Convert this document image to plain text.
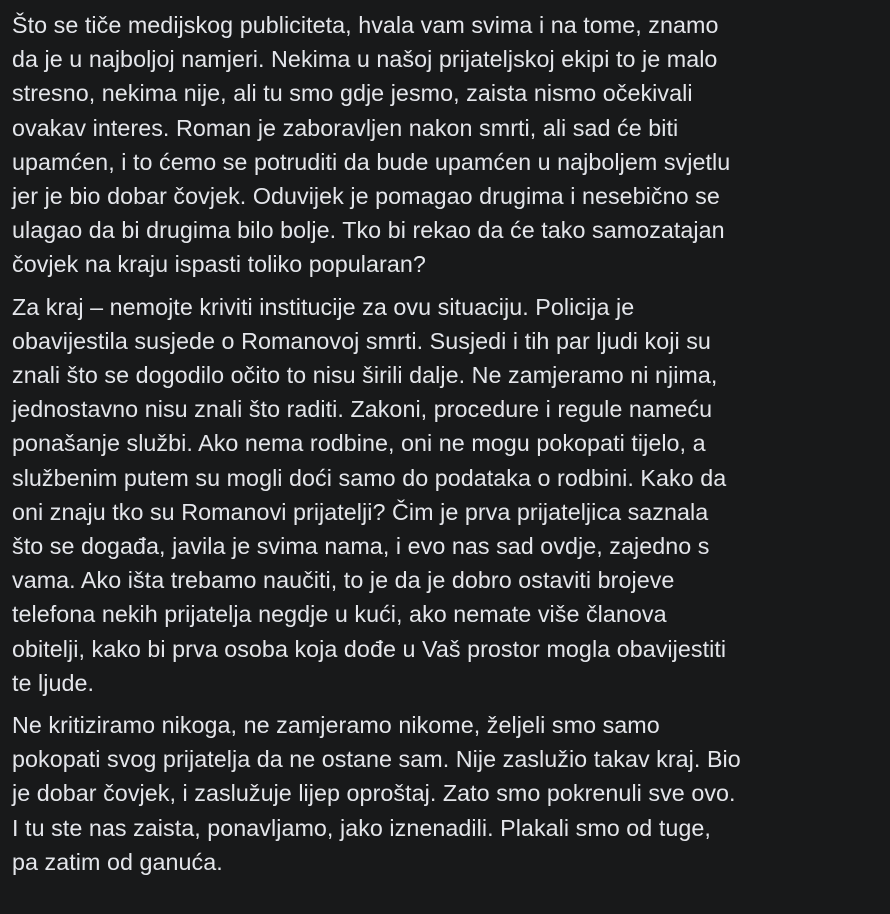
Što se tiče medijskog publiciteta, hvala vam svima i na tome, znamo
da je u najboljoj namjeri. Nekima u našoj prijateljskoj ekipi to je malo
stresno, nekima nije, ali tu smo gdje jesmo, zaista nismo očekivali
ovakav interes. Roman je zaboravljen nakon smrti, ali sad će biti
upamćen, i to ćemo se potruditi da bude upamćen u najboljem svjetlu
jer je bio dobar čovjek. Oduvijek je pomagao drugima i nesebično se
ulagao da bi drugima bilo bolje. Tko bi rekao da će tako samozatajan
čovjek na kraju ispasti toliko popularan?

Za kraj – nemojte kriviti institucije za ovu situaciju. Policija je
obavijestila susjede o Romanovoj smrti. Susjedi i tih par ljudi koji su
znali što se dogodilo očito to nisu širili dalje. Ne zamjeramo ni njima,
jednostavno nisu znali što raditi. Zakoni, procedure i regule nameću
ponašanje službi. Ako nema rodbine, oni ne mogu pokopati tijelo, a
službenim putem su mogli doći samo do podataka o rodbini. Kako da
oni znaju tko su Romanovi prijatelji? Čim je prva prijateljica saznala
što se događa, javila je svima nama, i evo nas sad ovdje, zajedno s
vama. Ako išta trebamo naučiti, to je da je dobro ostaviti brojeve
telefona nekih prijatelja negdje u kući, ako nemate više članova
obitelji, kako bi prva osoba koja dođe u Vaš prostor mogla obavijestiti
te ljude.

Ne kritiziramo nikoga, ne zamjeramo nikome, željeli smo samo
pokopati svog prijatelja da ne ostane sam. Nije zaslužio takav kraj. Bio
je dobar čovjek, i zaslužuje lijep oproštaj. Zato smo pokrenuli sve ovo.
I tu ste nas zaista, ponavljamo, jako iznenadili. Plakali smo od tuge,
pa zatim od ganuća.
